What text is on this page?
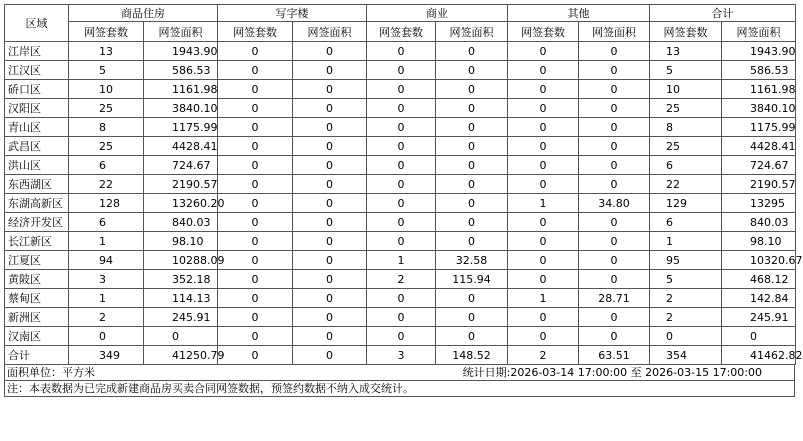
区域	商品住房		写字楼		商业		其他		合计	
	网签套数	网签面积	网签套数	网签面积	网签套数	网签面积	网签套数	网签面积	网签套数	网签面积
江岸区	13	1943.90	0	0	0	0	0	0	13	1943.90
江汉区	5	586.53	0	0	0	0	0	0	5	586.53
硚口区	10	1161.98	0	0	0	0	0	0	10	1161.98
汉阳区	25	3840.10	0	0	0	0	0	0	25	3840.10
青山区	8	1175.99	0	0	0	0	0	0	8	1175.99
武昌区	25	4428.41	0	0	0	0	0	0	25	4428.41
洪山区	6	724.67	0	0	0	0	0	0	6	724.67
东西湖区	22	2190.57	0	0	0	0	0	0	22	2190.57
东湖高新区	128	13260.20	0	0	0	0	1	34.80	129	13295
经济开发区	6	840.03	0	0	0	0	0	0	6	840.03
长江新区	1	98.10	0	0	0	0	0	0	1	98.10
江夏区	94	10288.09	0	0	1	32.58	0	0	95	10320.67
黄陂区	3	352.18	0	0	2	115.94	0	0	5	468.12
蔡甸区	1	114.13	0	0	0	0	1	28.71	2	142.84
新洲区	2	245.91	0	0	0	0	0	0	2	245.91
汉南区	0	0	0	0	0	0	0	0	0	0
合计	349	41250.79	0	0	3	148.52	2	63.51	354	41462.82
面积单位：平方米	统计日期:2026-03-14 17:00:00 至 2026-03-15 17:00:00
注：本表数据为已完成新建商品房买卖合同网签数据，预签约数据不纳入成交统计。
